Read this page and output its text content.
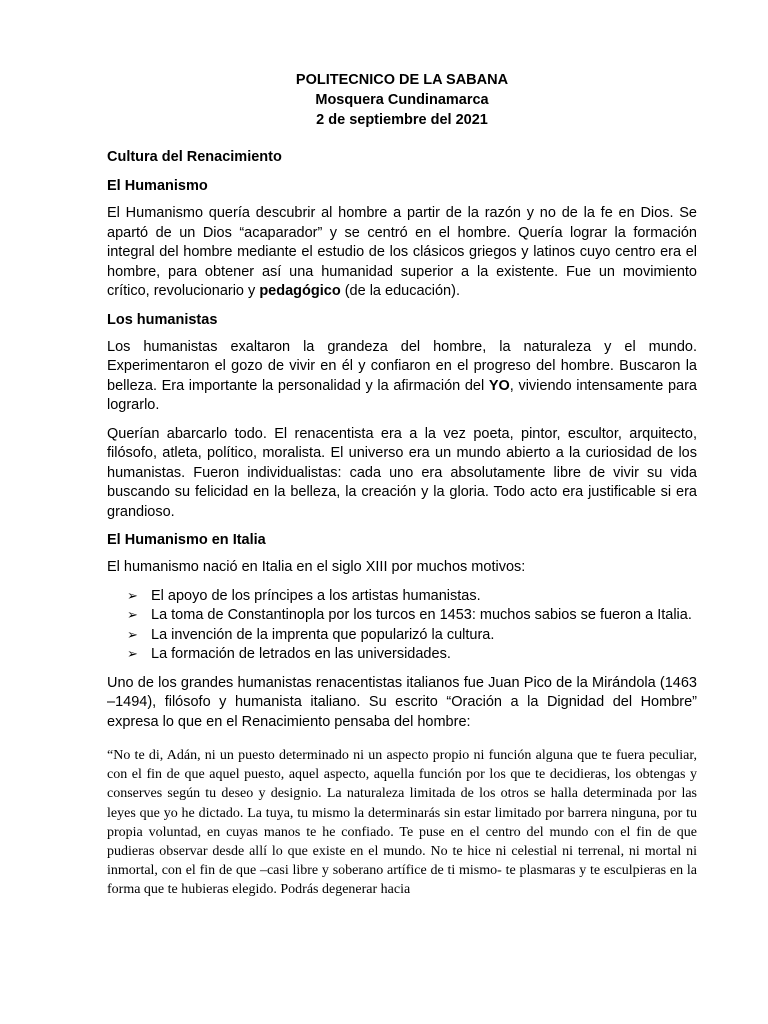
POLITECNICO DE LA SABANA
Mosquera Cundinamarca
2 de septiembre del 2021
Cultura del Renacimiento
El Humanismo

El Humanismo quería descubrir al hombre a partir de la razón y no de la fe en Dios. Se apartó de un Dios “acaparador” y se centró en el hombre. Quería lograr la formación integral del hombre mediante el estudio de los clásicos griegos y latinos cuyo centro era el hombre, para obtener así una humanidad superior a la existente. Fue un movimiento crítico, revolucionario y pedagógico (de la educación).

Los humanistas

Los humanistas exaltaron la grandeza del hombre, la naturaleza y el mundo. Experimentaron el gozo de vivir en él y confiaron en el progreso del hombre. Buscaron la belleza. Era importante la personalidad y la afirmación del YO, viviendo intensamente para lograrlo.

Querían abarcarlo todo. El renacentista era a la vez poeta, pintor, escultor, arquitecto, filósofo, atleta, político, moralista. El universo era un mundo abierto a la curiosidad de los humanistas. Fueron individualistas: cada uno era absolutamente libre de vivir su vida buscando su felicidad en la belleza, la creación y la gloria. Todo acto era justificable si era grandioso.

El Humanismo en Italia

El humanismo nació en Italia en el siglo XIII por muchos motivos:

➢ El apoyo de los príncipes a los artistas humanistas.
➢ La toma de Constantinopla por los turcos en 1453: muchos sabios se fueron a Italia.
➢ La invención de la imprenta que popularizó la cultura.
➢ La formación de letrados en las universidades.

Uno de los grandes humanistas renacentistas italianos fue Juan Pico de la Mirándola (1463 –1494), filósofo y humanista italiano. Su escrito “Oración a la Dignidad del Hombre” expresa lo que en el Renacimiento pensaba del hombre:

“No te di, Adán, ni un puesto determinado ni un aspecto propio ni función alguna que te fuera peculiar, con el fin de que aquel puesto, aquel aspecto, aquella función por los que te decidieras, los obtengas y conserves según tu deseo y designio. La naturaleza limitada de los otros se halla determinada por las leyes que yo he dictado. La tuya, tu mismo la determinarás sin estar limitado por barrera ninguna, por tu propia voluntad, en cuyas manos te he confiado. Te puse en el centro del mundo con el fin de que pudieras observar desde allí lo que existe en el mundo. No te hice ni celestial ni terrenal, ni mortal ni inmortal, con el fin de que –casi libre y soberano artífice de ti mismo- te plasmaras y te esculpieras en la forma que te hubieras elegido. Podrás degenerar hacia
